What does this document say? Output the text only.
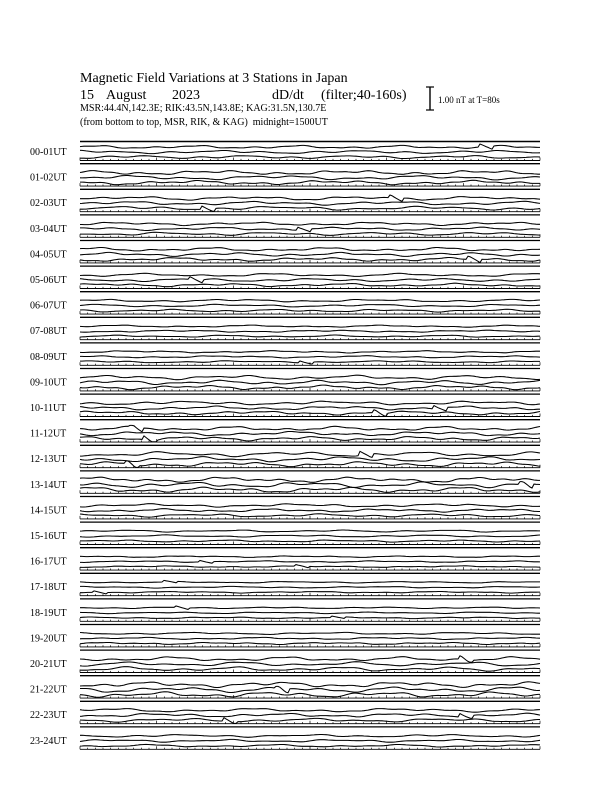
Magnetic Field Variations at 3 Stations in Japan
15 August 2023	dD/dt (filter;40-160s)
MSR:44.4N,142.3E; RIK:43.5N,143.8E; KAG:31.5N,130.7E
(from bottom to top, MSR, RIK, & KAG) midnight=1500UT
1.00 nT at T=80s
00-01UT
01-02UT
02-03UT
03-04UT
04-05UT
05-06UT
06-07UT
07-08UT
08-09UT
09-10UT
10-11UT
11-12UT
12-13UT
13-14UT
14-15UT
15-16UT
16-17UT
17-18UT
18-19UT
19-20UT
20-21UT
21-22UT
22-23UT
23-24UT
